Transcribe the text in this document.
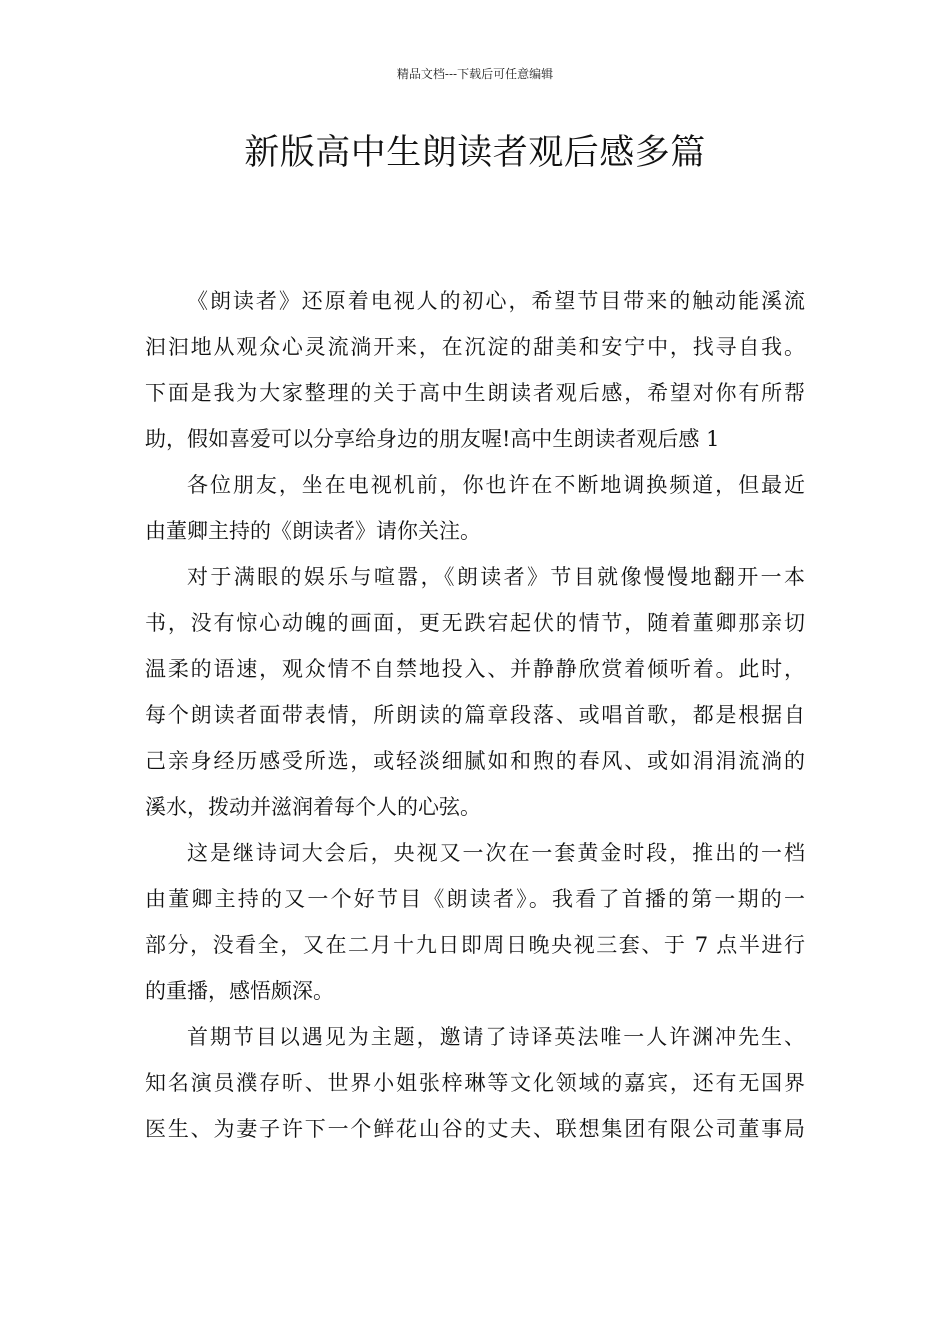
精品文档---下载后可任意编辑
新版高中生朗读者观后感多篇
《朗读者》还原着电视人的初心，希望节目带来的触动能溪流
汩汩地从观众心灵流淌开来，在沉淀的甜美和安宁中，找寻自我。
下面是我为大家整理的关于高中生朗读者观后感，希望对你有所帮
助，假如喜爱可以分享给身边的朋友喔!高中生朗读者观后感 1
各位朋友，坐在电视机前，你也许在不断地调换频道，但最近
由董卿主持的《朗读者》请你关注。
对于满眼的娱乐与喧嚣，《朗读者》节目就像慢慢地翻开一本
书，没有惊心动魄的画面，更无跌宕起伏的情节，随着董卿那亲切
温柔的语速，观众情不自禁地投入、并静静欣赏着倾听着。此时，
每个朗读者面带表情，所朗读的篇章段落、或唱首歌，都是根据自
己亲身经历感受所选，或轻淡细腻如和煦的春风、或如涓涓流淌的
溪水，拨动并滋润着每个人的心弦。
这是继诗词大会后，央视又一次在一套黄金时段，推出的一档
由董卿主持的又一个好节目《朗读者》。我看了首播的第一期的一
部分，没看全，又在二月十九日即周日晚央视三套、于 7 点半进行
的重播，感悟颇深。
首期节目以遇见为主题，邀请了诗译英法唯一人许渊冲先生、
知名演员濮存昕、世界小姐张梓琳等文化领域的嘉宾，还有无国界
医生、为妻子许下一个鲜花山谷的丈夫、联想集团有限公司董事局
